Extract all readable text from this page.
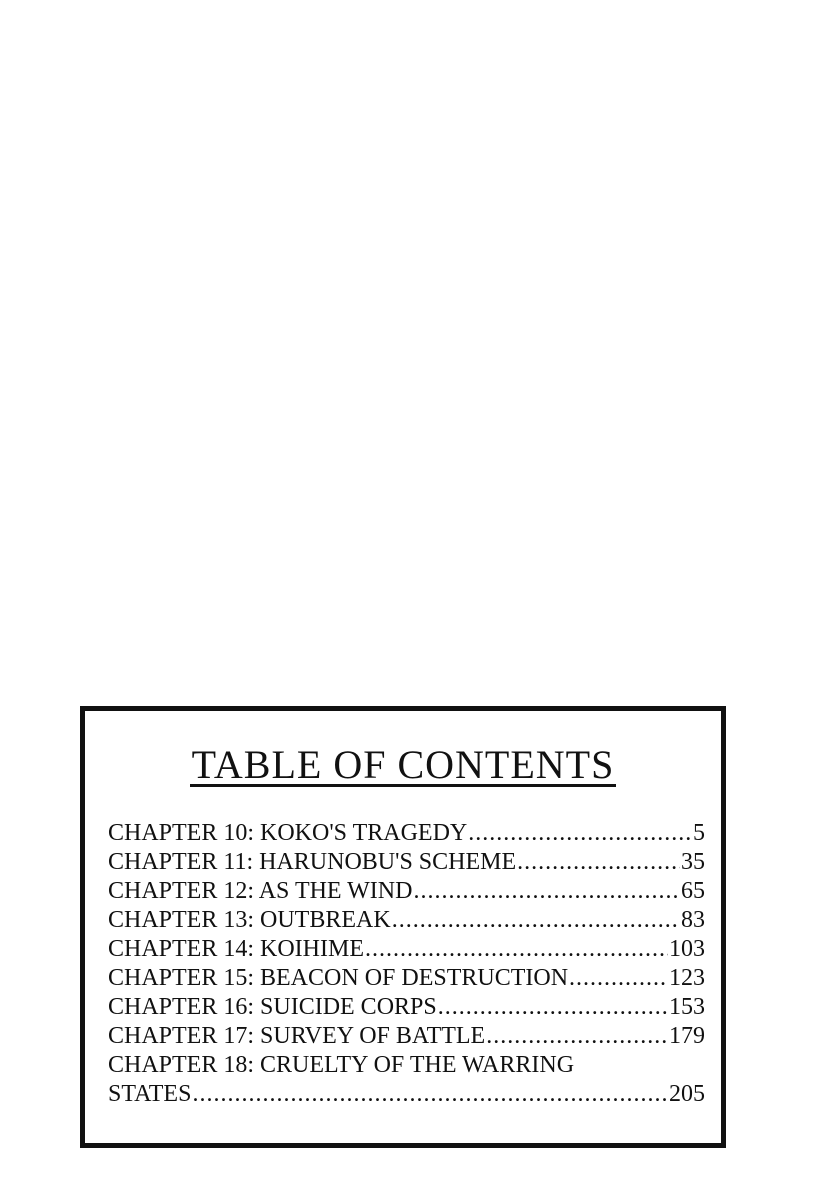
TABLE OF CONTENTS
CHAPTER 10: KOKO'S TRAGEDY .....	5
CHAPTER 11: HARUNOBU'S SCHEME .....	35
CHAPTER 12: AS THE WIND .....	65
CHAPTER 13: OUTBREAK .....	83
CHAPTER 14: KOIHIME .....	103
CHAPTER 15: BEACON OF DESTRUCTION .....	123
CHAPTER 16: SUICIDE CORPS .....	153
CHAPTER 17: SURVEY OF BATTLE .....	179
CHAPTER 18: CRUELTY OF THE WARRING
STATES .....	205
